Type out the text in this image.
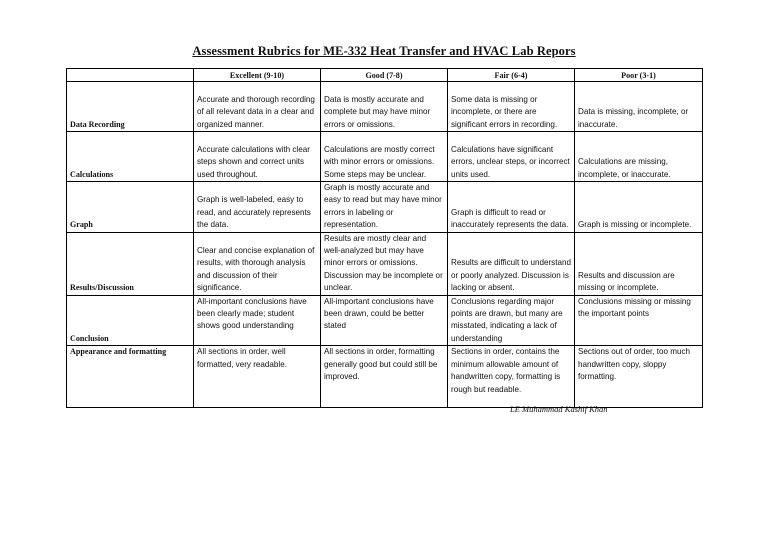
Assessment Rubrics for ME-332 Heat Transfer and HVAC Lab Repors
	Excellent (9-10)	Good (7-8)	Fair (6-4)	Poor (3-1)
Data Recording	Accurate and thorough recording of all relevant data in a clear and organized manner.	Data is mostly accurate and complete but may have minor errors or omissions.	Some data is missing or incomplete, or there are significant errors in recording.	Data is missing, incomplete, or inaccurate.
Calculations	Accurate calculations with clear steps shown and correct units used throughout.	Calculations are mostly correct with minor errors or omissions. Some steps may be unclear.	Calculations have significant errors, unclear steps, or incorrect units used.	Calculations are missing, incomplete, or inaccurate.
Graph	Graph is well-labeled, easy to read, and accurately represents the data.	Graph is mostly accurate and easy to read but may have minor errors in labeling or representation.	Graph is difficult to read or inaccurately represents the data.	Graph is missing or incomplete.
Results/Discussion	Clear and concise explanation of results, with thorough analysis and discussion of their significance.	Results are mostly clear and well-analyzed but may have minor errors or omissions. Discussion may be incomplete or unclear.	Results are difficult to understand or poorly analyzed. Discussion is lacking or absent.	Results and discussion are missing or incomplete.
Conclusion	All-important conclusions have been clearly made; student shows good understanding	All-important conclusions have been drawn, could be better stated	Conclusions regarding major points are drawn, but many are misstated, indicating a lack of understanding	Conclusions missing or missing the important points
Appearance and formatting	All sections in order, well formatted, very readable.	All sections in order, formatting generally good but could still be improved.	Sections in order, contains the minimum allowable amount of handwritten copy, formatting is rough but readable.	Sections out of order, too much handwritten copy, sloppy formatting.
LE Muhammad Kashif Khan
